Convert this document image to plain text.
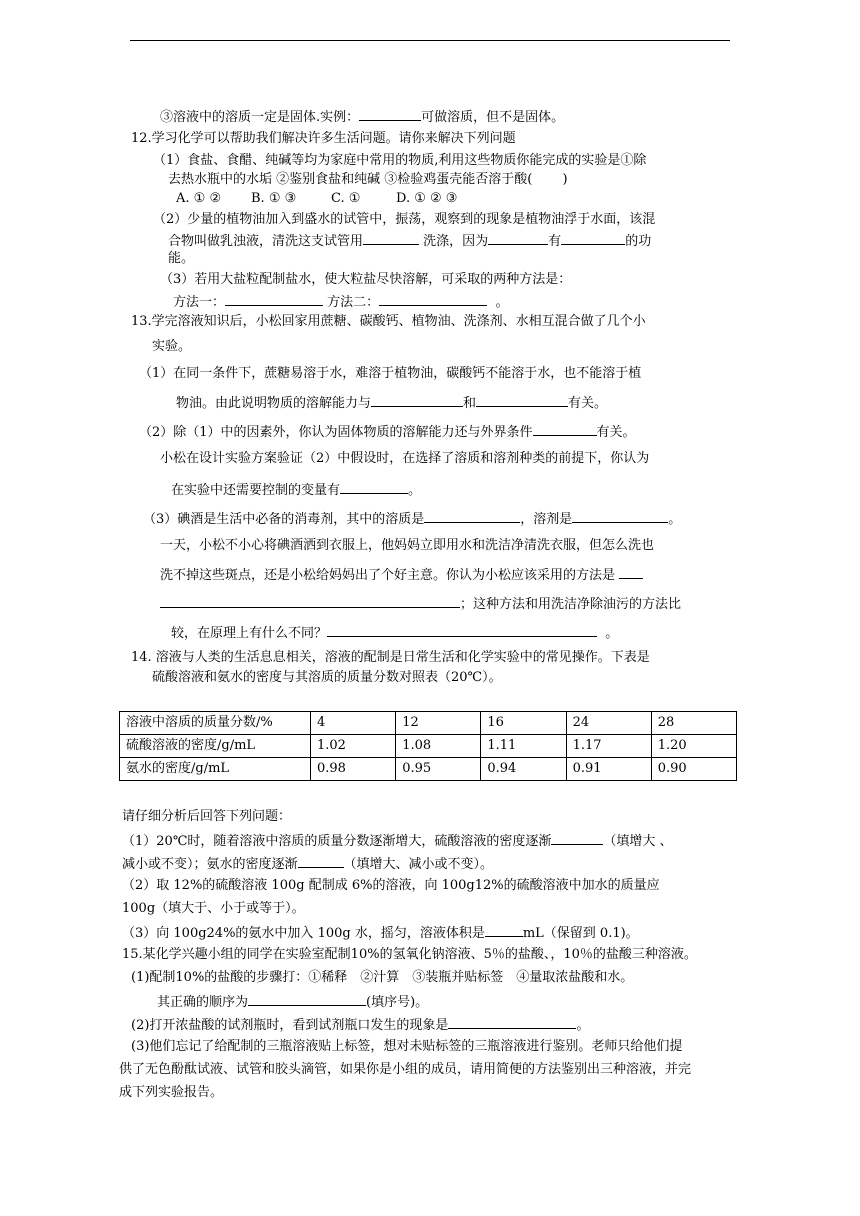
③溶液中的溶质一定是固体.实例：	可做溶质，但不是固体。
12.学习化学可以帮助我们解决许多生活问题。请你来解决下列问题
（1）食盐、食醋、纯碱等均为家庭中常用的物质,利用这些物质你能完成的实验是①除
去热水瓶中的水垢 ②鉴别食盐和纯碱 ③检验鸡蛋壳能否溶于酸(　　 )
A. ① ② B. ① ③	C. ①	D. ① ② ③
（2）少量的植物油加入到盛水的试管中，振荡，观察到的现象是植物油浮于水面，该混
合物叫做乳浊液，清洗这支试管用	洗涤，因为	有	的功
能。
（3）若用大盐粒配制盐水，使大粒盐尽快溶解，可采取的两种方法是：
方法一：	方法二：	。
13.学完溶液知识后，小松回家用蔗糖、碳酸钙、植物油、洗涤剂、水相互混合做了几个小
实验。
（1）在同一条件下，蔗糖易溶于水，难溶于植物油，碳酸钙不能溶于水，也不能溶于植
物油。由此说明物质的溶解能力与	和	有关。
（2）除（1）中的因素外，你认为固体物质的溶解能力还与外界条件	有关。
小松在设计实验方案验证（2）中假设时，在选择了溶质和溶剂种类的前提下，你认为
在实验中还需要控制的变量有	。
（3）碘酒是生活中必备的消毒剂，其中的溶质是	，溶剂是	。
一天，小松不小心将碘酒洒到衣服上，他妈妈立即用水和洗洁净清洗衣服，但怎么洗也
洗不掉这些斑点，还是小松给妈妈出了个好主意。你认为小松应该采用的方法是
；这种方法和用洗洁净除油污的方法比
较，在原理上有什么不同？	。
14. 溶液与人类的生活息息相关，溶液的配制是日常生活和化学实验中的常见操作。下表是
硫酸溶液和氨水的密度与其溶质的质量分数对照表（20℃）。
溶液中溶质的质量分数/%	4	12	16	24	28
硫酸溶液的密度/g/mL	1.02	1.08	1.11	1.17	1.20
氨水的密度/g/mL	0.98	0.95	0.94	0.91	0.90
请仔细分析后回答下列问题：
（1）20℃时，随着溶液中溶质的质量分数逐渐增大，硫酸溶液的密度逐渐	（填增大 、
减小或不变）；氨水的密度逐渐	（填增大、减小或不变）。
（2）取 12%的硫酸溶液 100g 配制成 6%的溶液，向 100g12%的硫酸溶液中加水的质量应
100g（填大于、小于或等于）。
（3）向 100g24%的氨水中加入 100g 水，摇匀，溶液体积是	mL（保留到 0.1)。
15.某化学兴趣小组的同学在实验室配制10%的氢氧化钠溶液、5％的盐酸、，10％的盐酸三种溶液。
(1)配制10%的盐酸的步骤打：①稀释　②汁算　③装瓶并贴标签　④量取浓盐酸和水。
其正确的顺序为	(填序号)。
(2)打开浓盐酸的试剂瓶时，看到试剂瓶口发生的现象是	。
(3)他们忘记了给配制的三瓶溶液贴上标签，想对未贴标签的三瓶溶液进行鉴别。老师只给他们提
供了无色酚酞试液、试管和胶头滴管，如果你是小组的成员，请用简便的方法鉴别出三种溶液，并完
成下列实验报告。
